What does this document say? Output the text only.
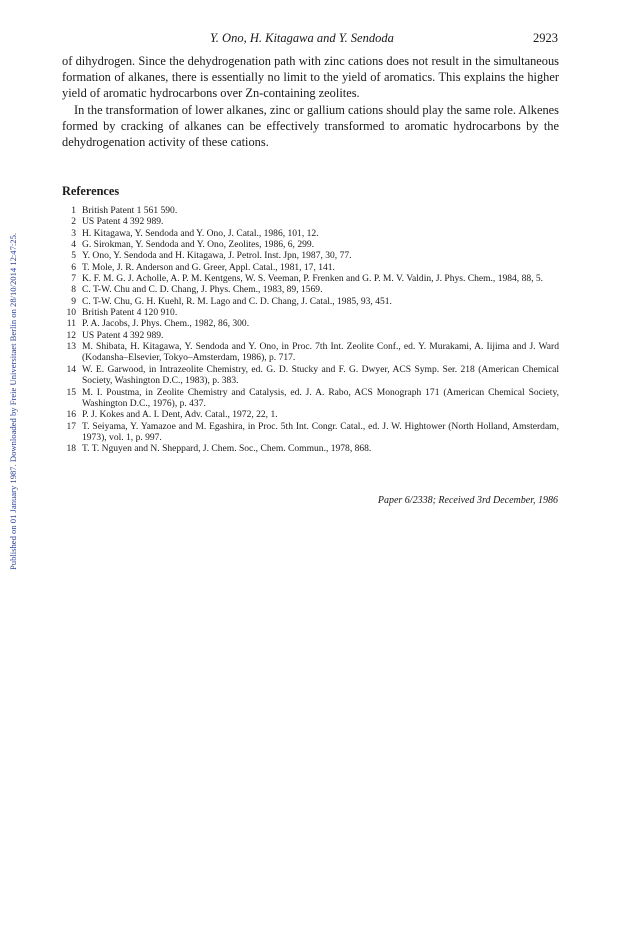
Published on 01 January 1987. Downloaded by Freie Universitaet Berlin on 28/10/2014 12:47:25.
Y. Ono, H. Kitagawa and Y. Sendoda	2923

of dihydrogen. Since the dehydrogenation path with zinc cations does not result in the simultaneous formation of alkanes, there is essentially no limit to the yield of aromatics. This explains the higher yield of aromatic hydrocarbons over Zn-containing zeolites.

In the transformation of lower alkanes, zinc or gallium cations should play the same role. Alkenes formed by cracking of alkanes can be effectively transformed to aromatic hydrocarbons by the dehydrogenation activity of these cations.

References
1 British Patent 1 561 590.
2 US Patent 4 392 989.
3 H. Kitagawa, Y. Sendoda and Y. Ono, J. Catal., 1986, 101, 12.
4 G. Sirokman, Y. Sendoda and Y. Ono, Zeolites, 1986, 6, 299.
5 Y. Ono, Y. Sendoda and H. Kitagawa, J. Petrol. Inst. Jpn, 1987, 30, 77.
6 T. Mole, J. R. Anderson and G. Greer, Appl. Catal., 1981, 17, 141.
7 K. F. M. G. J. Acholle, A. P. M. Kentgens, W. S. Veeman, P. Frenken and G. P. M. V. Valdin, J. Phys. Chem., 1984, 88, 5.
8 C. T-W. Chu and C. D. Chang, J. Phys. Chem., 1983, 89, 1569.
9 C. T-W. Chu, G. H. Kuehl, R. M. Lago and C. D. Chang, J. Catal., 1985, 93, 451.
10 British Patent 4 120 910.
11 P. A. Jacobs, J. Phys. Chem., 1982, 86, 300.
12 US Patent 4 392 989.
13 M. Shibata, H. Kitagawa, Y. Sendoda and Y. Ono, in Proc. 7th Int. Zeolite Conf., ed. Y. Murakami, A. Iijima and J. Ward (Kodansha–Elsevier, Tokyo–Amsterdam, 1986), p. 717.
14 W. E. Garwood, in Intrazeolite Chemistry, ed. G. D. Stucky and F. G. Dwyer, ACS Symp. Ser. 218 (American Chemical Society, Washington D.C., 1983), p. 383.
15 M. I. Poustma, in Zeolite Chemistry and Catalysis, ed. J. A. Rabo, ACS Monograph 171 (American Chemical Society, Washington D.C., 1976), p. 437.
16 P. J. Kokes and A. I. Dent, Adv. Catal., 1972, 22, 1.
17 T. Seiyama, Y. Yamazoe and M. Egashira, in Proc. 5th Int. Congr. Catal., ed. J. W. Hightower (North Holland, Amsterdam, 1973), vol. 1, p. 997.
18 T. T. Nguyen and N. Sheppard, J. Chem. Soc., Chem. Commun., 1978, 868.
Paper 6/2338; Received 3rd December, 1986
